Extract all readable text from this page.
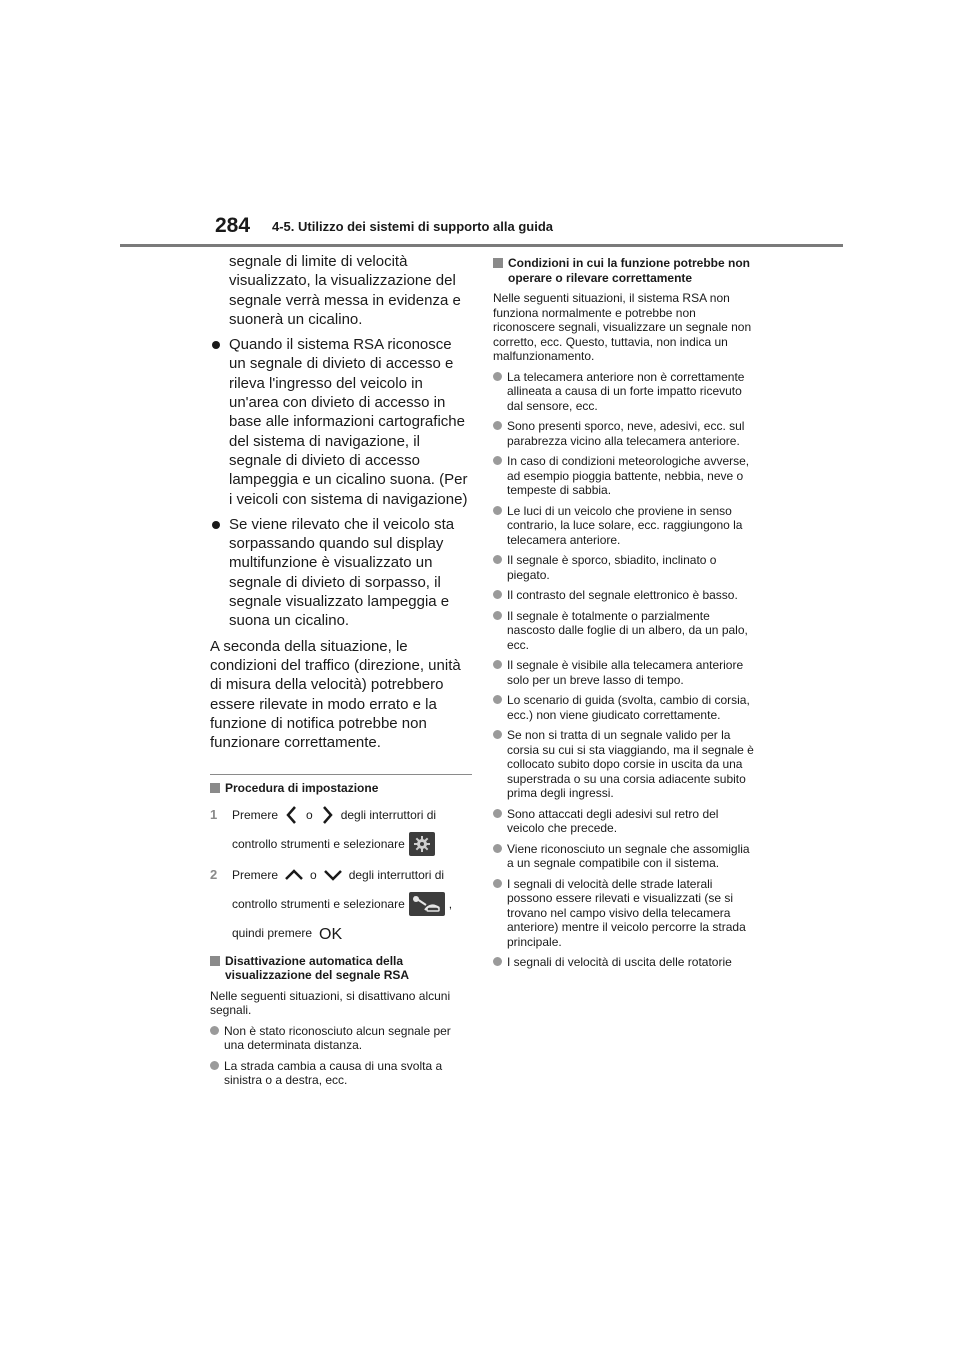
284 4-5. Utilizzo dei sistemi di supporto alla guida
segnale di limite di velocità visualizzato, la visualizzazione del segnale verrà messa in evidenza e suonerà un cicalino.
Quando il sistema RSA riconosce un segnale di divieto di accesso e rileva l'ingresso del veicolo in un'area con divieto di accesso in base alle informazioni cartografiche del sistema di navigazione, il segnale di divieto di accesso lampeggia e un cicalino suona. (Per i veicoli con sistema di navigazione)
Se viene rilevato che il veicolo sta sorpassando quando sul display multifunzione è visualizzato un segnale di divieto di sorpasso, il segnale visualizzato lampeggia e suona un cicalino.
A seconda della situazione, le condizioni del traffico (direzione, unità di misura della velocità) potrebbero essere rilevate in modo errato e la funzione di notifica potrebbe non funzionare correttamente.
Procedura di impostazione
1 Premere o degli interruttori di
controllo strumenti e selezionare
2 Premere	o	degli interruttori di
controllo strumenti e selezionare	,
quindi premere OK
Disattivazione automatica della visualizzazione del segnale RSA
Nelle seguenti situazioni, si disattivano alcuni segnali.
Non è stato riconosciuto alcun segnale per una determinata distanza.
La strada cambia a causa di una svolta a sinistra o a destra, ecc.
Condizioni in cui la funzione potrebbe non operare o rilevare correttamente
Nelle seguenti situazioni, il sistema RSA non funziona normalmente e potrebbe non riconoscere segnali, visualizzare un segnale non corretto, ecc. Questo, tuttavia, non indica un malfunzionamento.
La telecamera anteriore non è correttamente allineata a causa di un forte impatto ricevuto dal sensore, ecc.
Sono presenti sporco, neve, adesivi, ecc. sul parabrezza vicino alla telecamera anteriore.
In caso di condizioni meteorologiche avverse, ad esempio pioggia battente, nebbia, neve o tempeste di sabbia.
Le luci di un veicolo che proviene in senso contrario, la luce solare, ecc. raggiungono la telecamera anteriore.
Il segnale è sporco, sbiadito, inclinato o piegato.
Il contrasto del segnale elettronico è basso.
Il segnale è totalmente o parzialmente nascosto dalle foglie di un albero, da un palo, ecc.
Il segnale è visibile alla telecamera anteriore solo per un breve lasso di tempo.
Lo scenario di guida (svolta, cambio di corsia, ecc.) non viene giudicato correttamente.
Se non si tratta di un segnale valido per la corsia su cui si sta viaggiando, ma il segnale è collocato subito dopo corsie in uscita da una superstrada o su una corsia adiacente subito prima degli ingressi.
Sono attaccati degli adesivi sul retro del veicolo che precede.
Viene riconosciuto un segnale che assomiglia a un segnale compatibile con il sistema.
I segnali di velocità delle strade laterali possono essere rilevati e visualizzati (se si trovano nel campo visivo della telecamera anteriore) mentre il veicolo percorre la strada principale.
I segnali di velocità di uscita delle rotatorie
